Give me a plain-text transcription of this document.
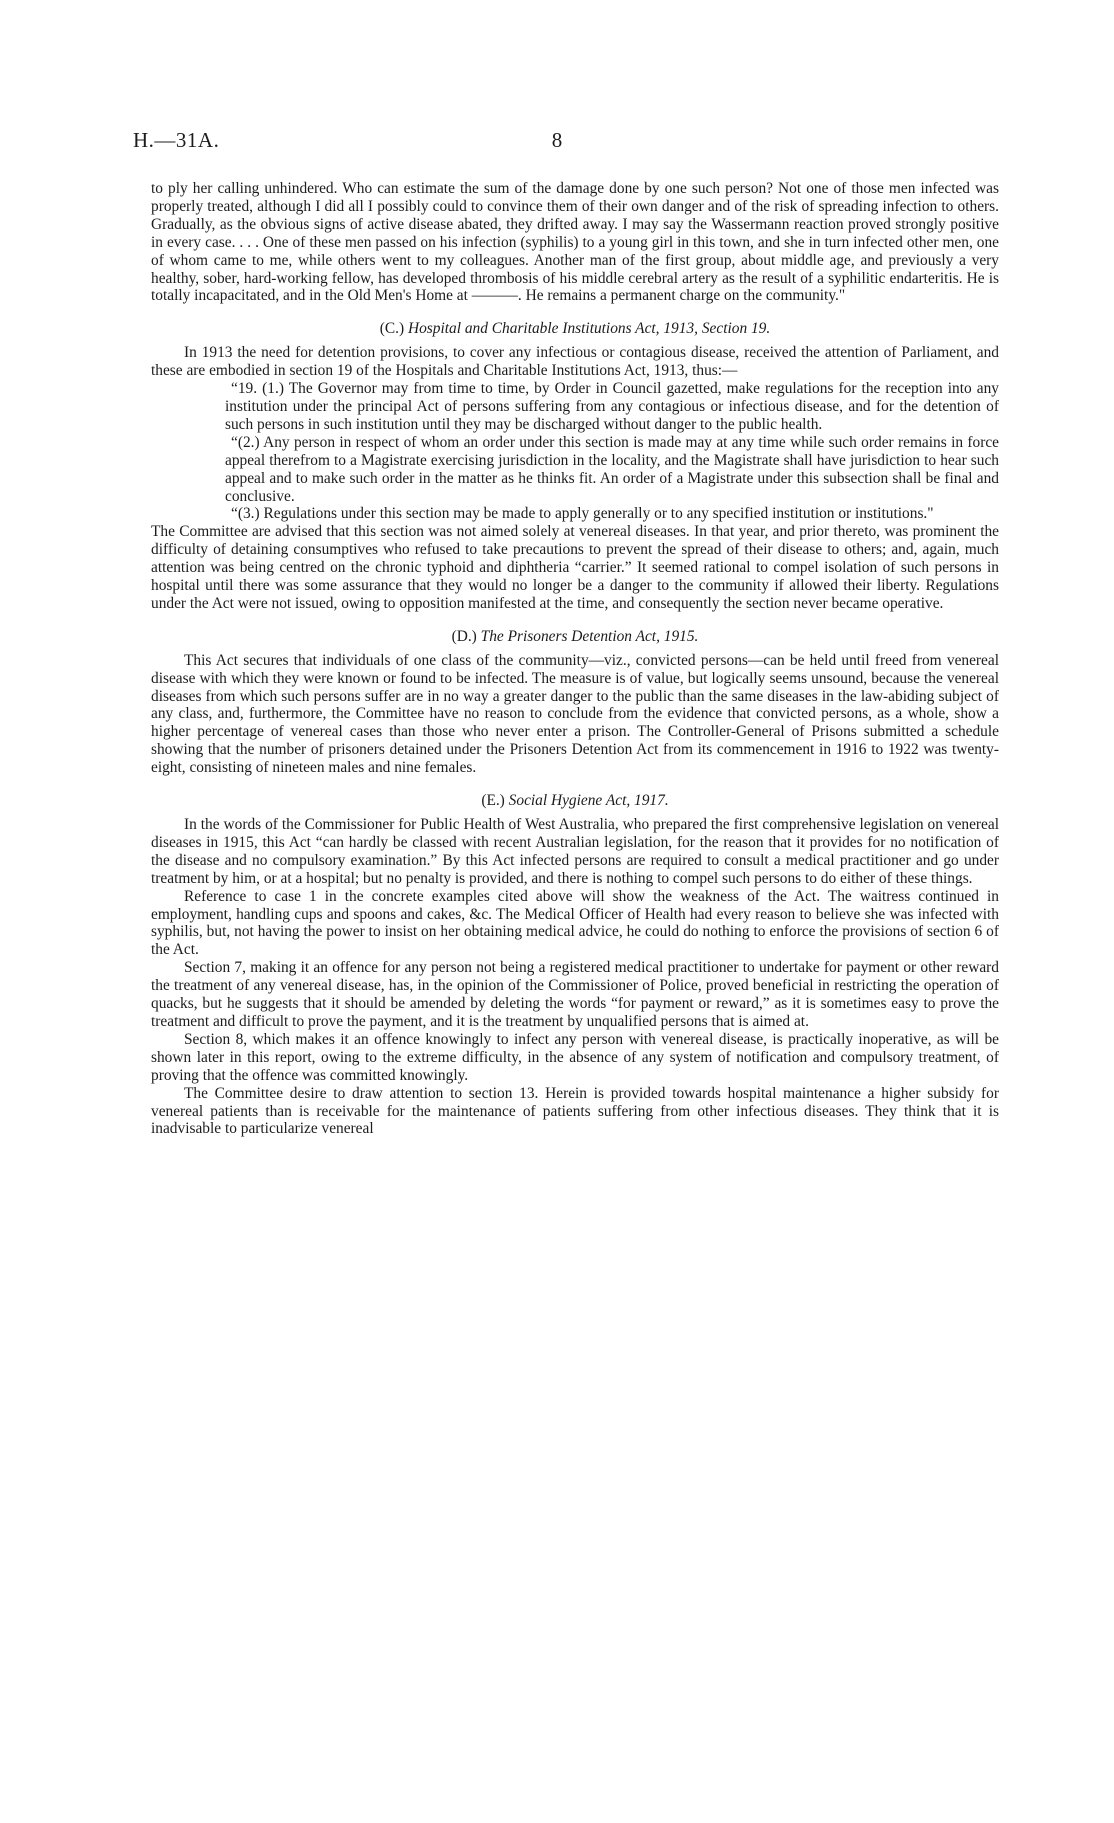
H.—31A.	8

to ply her calling unhindered. Who can estimate the sum of the damage done by one such person? Not one of those men infected was properly treated, although I did all I possibly could to convince them of their own danger and of the risk of spreading infection to others. Gradually, as the obvious signs of active disease abated, they drifted away. I may say the Wassermann reaction proved strongly positive in every case. . . . One of these men passed on his infection (syphilis) to a young girl in this town, and she in turn infected other men, one of whom came to me, while others went to my colleagues. Another man of the first group, about middle age, and previously a very healthy, sober, hard-working fellow, has developed thrombosis of his middle cerebral artery as the result of a syphilitic endarteritis. He is totally incapacitated, and in the Old Men's Home at ———. He remains a permanent charge on the community."

(C.) Hospital and Charitable Institutions Act, 1913, Section 19.

In 1913 the need for detention provisions, to cover any infectious or contagious disease, received the attention of Parliament, and these are embodied in section 19 of the Hospitals and Charitable Institutions Act, 1913, thus:—

“19. (1.) The Governor may from time to time, by Order in Council gazetted, make regulations for the reception into any institution under the principal Act of persons suffering from any contagious or infectious disease, and for the detention of such persons in such institution until they may be discharged without danger to the public health.

“(2.) Any person in respect of whom an order under this section is made may at any time while such order remains in force appeal therefrom to a Magistrate exercising jurisdiction in the locality, and the Magistrate shall have jurisdiction to hear such appeal and to make such order in the matter as he thinks fit. An order of a Magistrate under this subsection shall be final and conclusive.

“(3.) Regulations under this section may be made to apply generally or to any specified institution or institutions."

The Committee are advised that this section was not aimed solely at venereal diseases. In that year, and prior thereto, was prominent the difficulty of detaining consumptives who refused to take precautions to prevent the spread of their disease to others; and, again, much attention was being centred on the chronic typhoid and diphtheria “carrier.” It seemed rational to compel isolation of such persons in hospital until there was some assurance that they would no longer be a danger to the community if allowed their liberty. Regulations under the Act were not issued, owing to opposition manifested at the time, and consequently the section never became operative.

(D.) The Prisoners Detention Act, 1915.

This Act secures that individuals of one class of the community—viz., convicted persons—can be held until freed from venereal disease with which they were known or found to be infected. The measure is of value, but logically seems unsound, because the venereal diseases from which such persons suffer are in no way a greater danger to the public than the same diseases in the law-abiding subject of any class, and, furthermore, the Committee have no reason to conclude from the evidence that convicted persons, as a whole, show a higher percentage of venereal cases than those who never enter a prison. The Controller-General of Prisons submitted a schedule showing that the number of prisoners detained under the Prisoners Detention Act from its commencement in 1916 to 1922 was twenty-eight, consisting of nineteen males and nine females.

(E.) Social Hygiene Act, 1917.

In the words of the Commissioner for Public Health of West Australia, who prepared the first comprehensive legislation on venereal diseases in 1915, this Act “can hardly be classed with recent Australian legislation, for the reason that it provides for no notification of the disease and no compulsory examination.” By this Act infected persons are required to consult a medical practitioner and go under treatment by him, or at a hospital; but no penalty is provided, and there is nothing to compel such persons to do either of these things.

Reference to case 1 in the concrete examples cited above will show the weakness of the Act. The waitress continued in employment, handling cups and spoons and cakes, &c. The Medical Officer of Health had every reason to believe she was infected with syphilis, but, not having the power to insist on her obtaining medical advice, he could do nothing to enforce the provisions of section 6 of the Act.

Section 7, making it an offence for any person not being a registered medical practitioner to undertake for payment or other reward the treatment of any venereal disease, has, in the opinion of the Commissioner of Police, proved beneficial in restricting the operation of quacks, but he suggests that it should be amended by deleting the words “for payment or reward,” as it is sometimes easy to prove the treatment and difficult to prove the payment, and it is the treatment by unqualified persons that is aimed at.

Section 8, which makes it an offence knowingly to infect any person with venereal disease, is practically inoperative, as will be shown later in this report, owing to the extreme difficulty, in the absence of any system of notification and compulsory treatment, of proving that the offence was committed knowingly.

The Committee desire to draw attention to section 13. Herein is provided towards hospital maintenance a higher subsidy for venereal patients than is receivable for the maintenance of patients suffering from other infectious diseases. They think that it is inadvisable to particularize venereal
